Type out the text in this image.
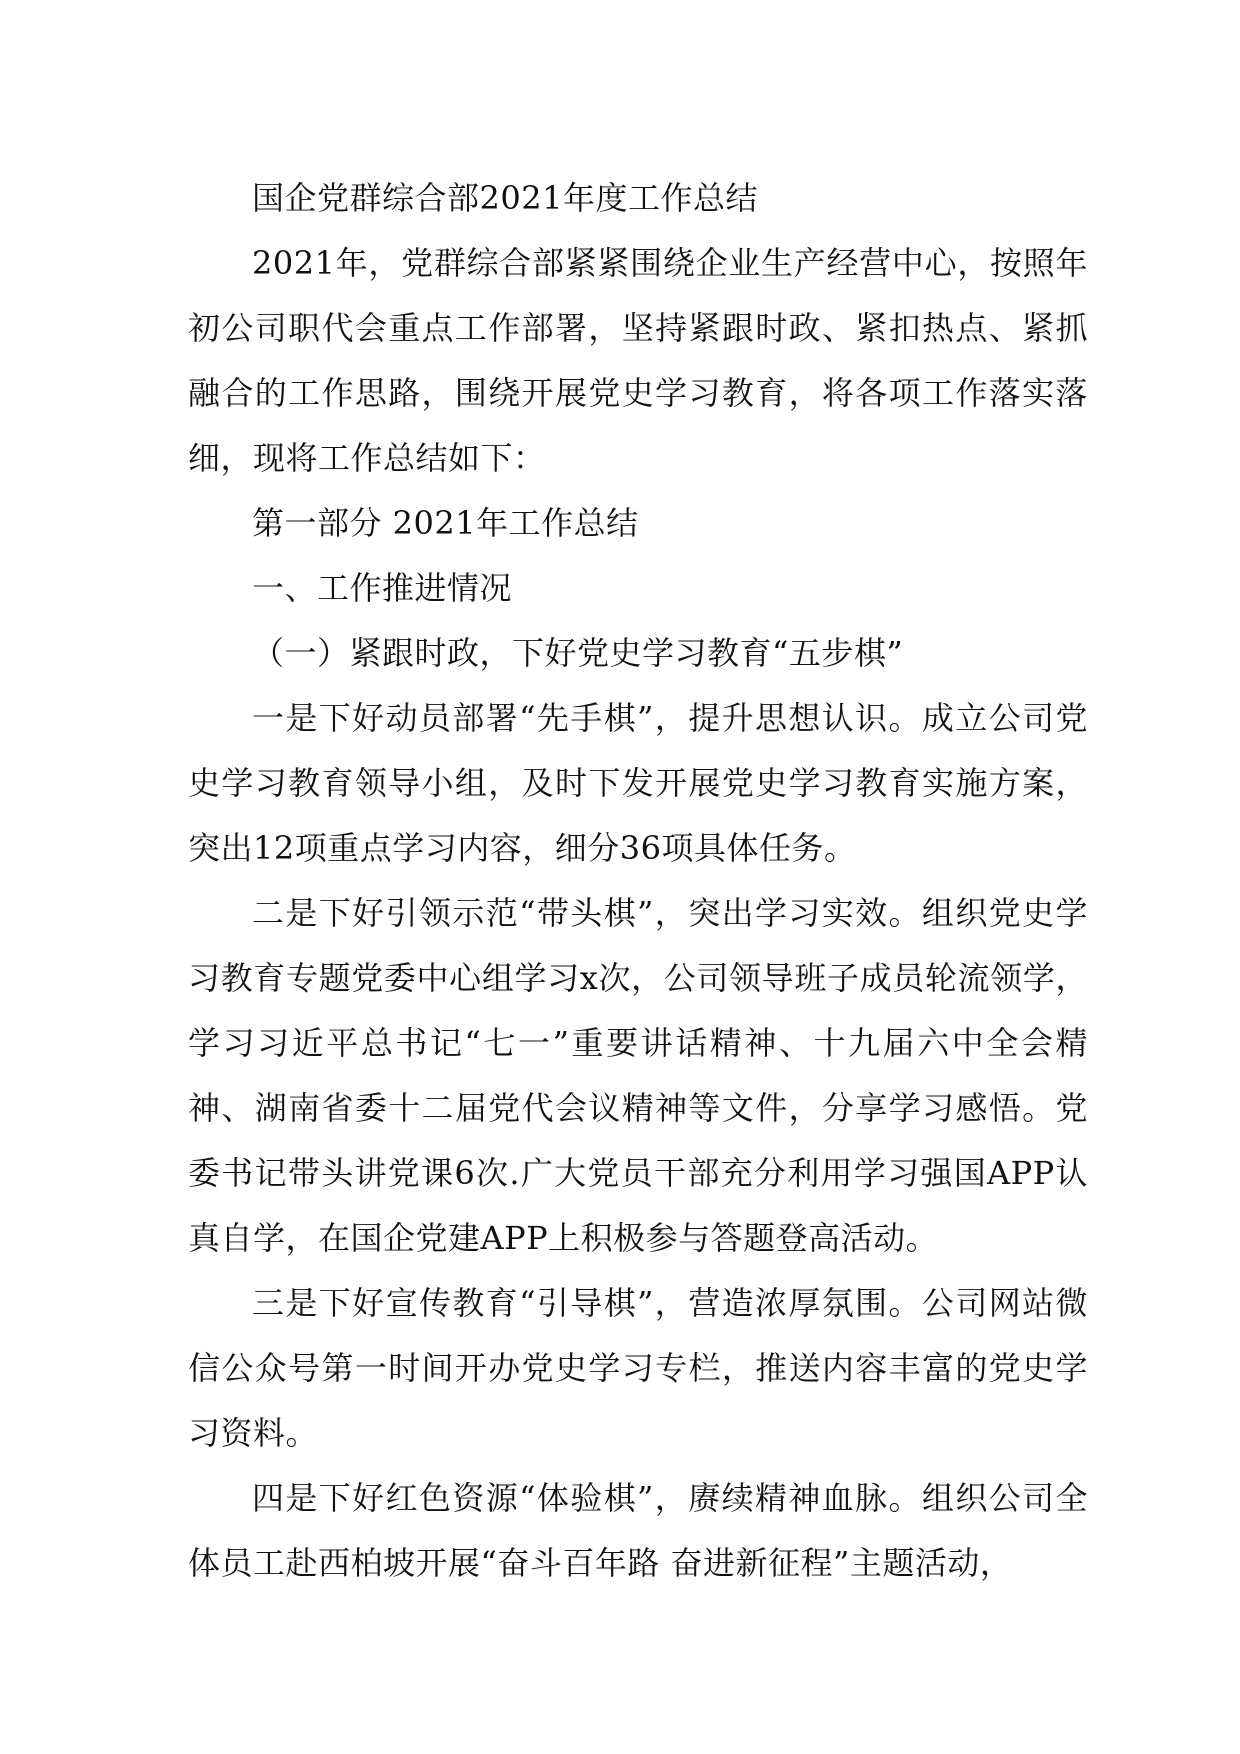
国企党群综合部2021年度工作总结

2021年，党群综合部紧紧围绕企业生产经营中心，按照年初公司职代会重点工作部署，坚持紧跟时政、紧扣热点、紧抓融合的工作思路，围绕开展党史学习教育，将各项工作落实落细，现将工作总结如下：

第一部分 2021年工作总结

一、工作推进情况

（一）紧跟时政，下好党史学习教育“五步棋”

一是下好动员部署“先手棋”，提升思想认识。成立公司党史学习教育领导小组，及时下发开展党史学习教育实施方案，突出12项重点学习内容，细分36项具体任务。

二是下好引领示范“带头棋”，突出学习实效。组织党史学习教育专题党委中心组学习x次，公司领导班子成员轮流领学，学习习近平总书记“七一”重要讲话精神、十九届六中全会精神、湖南省委十二届党代会议精神等文件，分享学习感悟。党委书记带头讲党课6次.广大党员干部充分利用学习强国APP认真自学，在国企党建APP上积极参与答题登高活动。

三是下好宣传教育“引导棋”，营造浓厚氛围。公司网站微信公众号第一时间开办党史学习专栏，推送内容丰富的党史学习资料。

四是下好红色资源“体验棋”，赓续精神血脉。组织公司全体员工赴西柏坡开展“奋斗百年路 奋进新征程”主题活动，
